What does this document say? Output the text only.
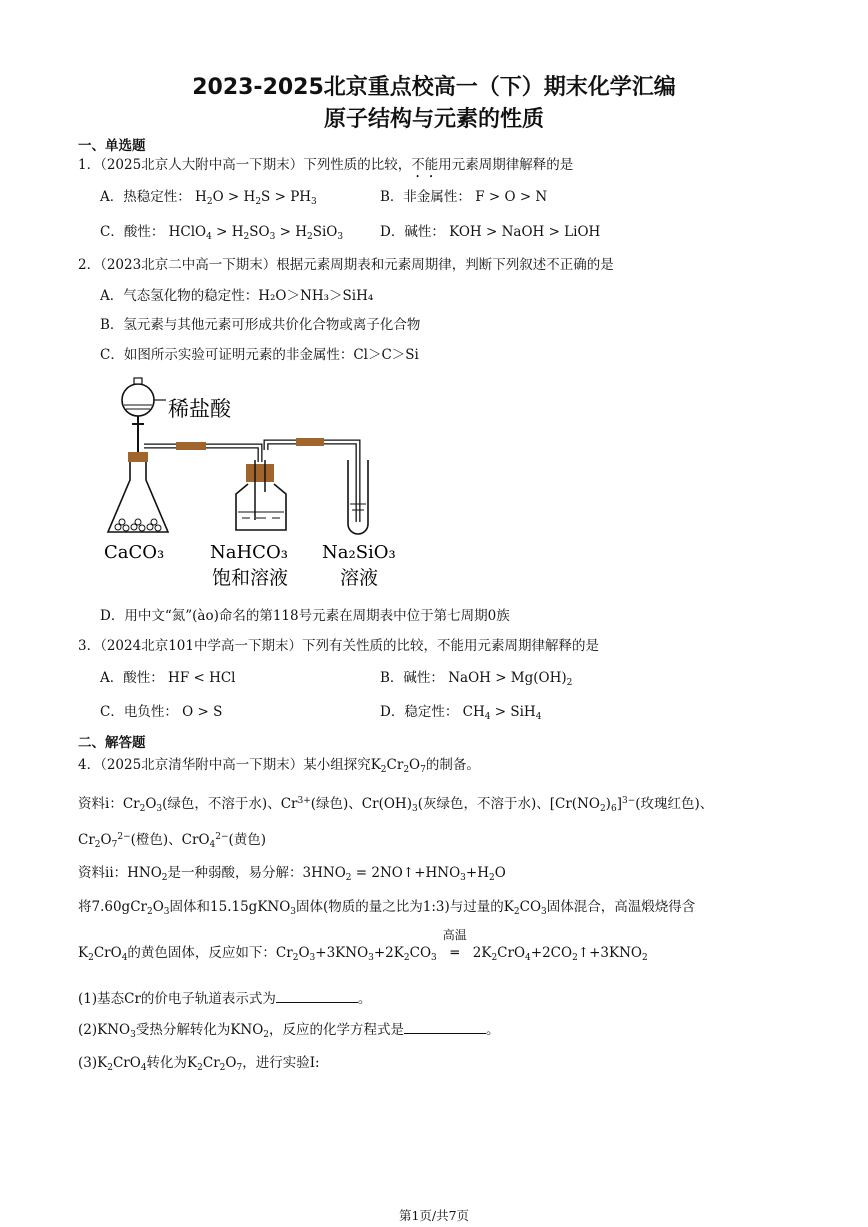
2023-2025北京重点校高一（下）期末化学汇编
原子结构与元素的性质
一、单选题
1．（2025北京人大附中高一下期末）下列性质的比较，不能用元素周期律解释的是
A．热稳定性： $H_2O > H_2S > PH_3$	B．非金属性： F > O > N
C．酸性： HClO$_4$ > $H_2SO_3 > H_2SiO_3$	D．碱性： KOH > NaOH > LiOH
2．（2023北京二中高一下期末）根据元素周期表和元素周期律，判断下列叙述不正确的是
A．气态氢化物的稳定性：H₂O＞NH₃＞SiH₄
B．氢元素与其他元素可形成共价化合物或离子化合物
C．如图所示实验可证明元素的非金属性：Cl＞C＞Si
稀盐酸
CaCO₃	NaHCO₃
饱和溶液
Na₂SiO₃
溶液
D．用中文“氮”(ào)命名的第118号元素在周期表中位于第七周期0族
3．（2024北京101中学高一下期末）下列有关性质的比较，不能用元素周期律解释的是
A．酸性： HF < HCl	B．碱性： NaOH > $Mg(OH)_2$
C．电负性： O > S	D．稳定性： $CH_4 > SiH_4$
二、解答题
4．（2025北京清华附中高一下期末）某小组探究$K_2Cr_2O_7$的制备。
资料i：$Cr_2O_3$(绿色，不溶于水)、$Cr^{3+}$(绿色)、$Cr(OH)_3$(灰绿色，不溶于水)、$[Cr(NO_2)_6]^{3-}$(玫瑰红色)、
$Cr_2O_7^{2-}$(橙色)、CrO$_4^{2-}$(黄色)
资料ii：$HNO_2$是一种弱酸，易分解：$3HNO_2$ = $2NO↑+HNO_3+H_2O$
将$7.60gCr_2O_3$固体和15.15gKNO$_3$固体(物质的量之比为1:3)与过量的$K_2CO_3$固体混合，高温煅烧得含
$K_2CrO_4$的黄色固体，反应如下：$Cr_2O_3+3KNO_3+2K_2CO_3$
高温
═ $2K_2CrO_4+2CO_2↑+3KNO_2$
(1)基态Cr的价电子轨道表示式为	。
$(2)KNO_3$受热分解转化为$KNO_2$，反应的化学方程式是	。
$(3)K_2CrO_4$转化为$K_2Cr_2O_7$，进行实验I:
第1页/共7页
